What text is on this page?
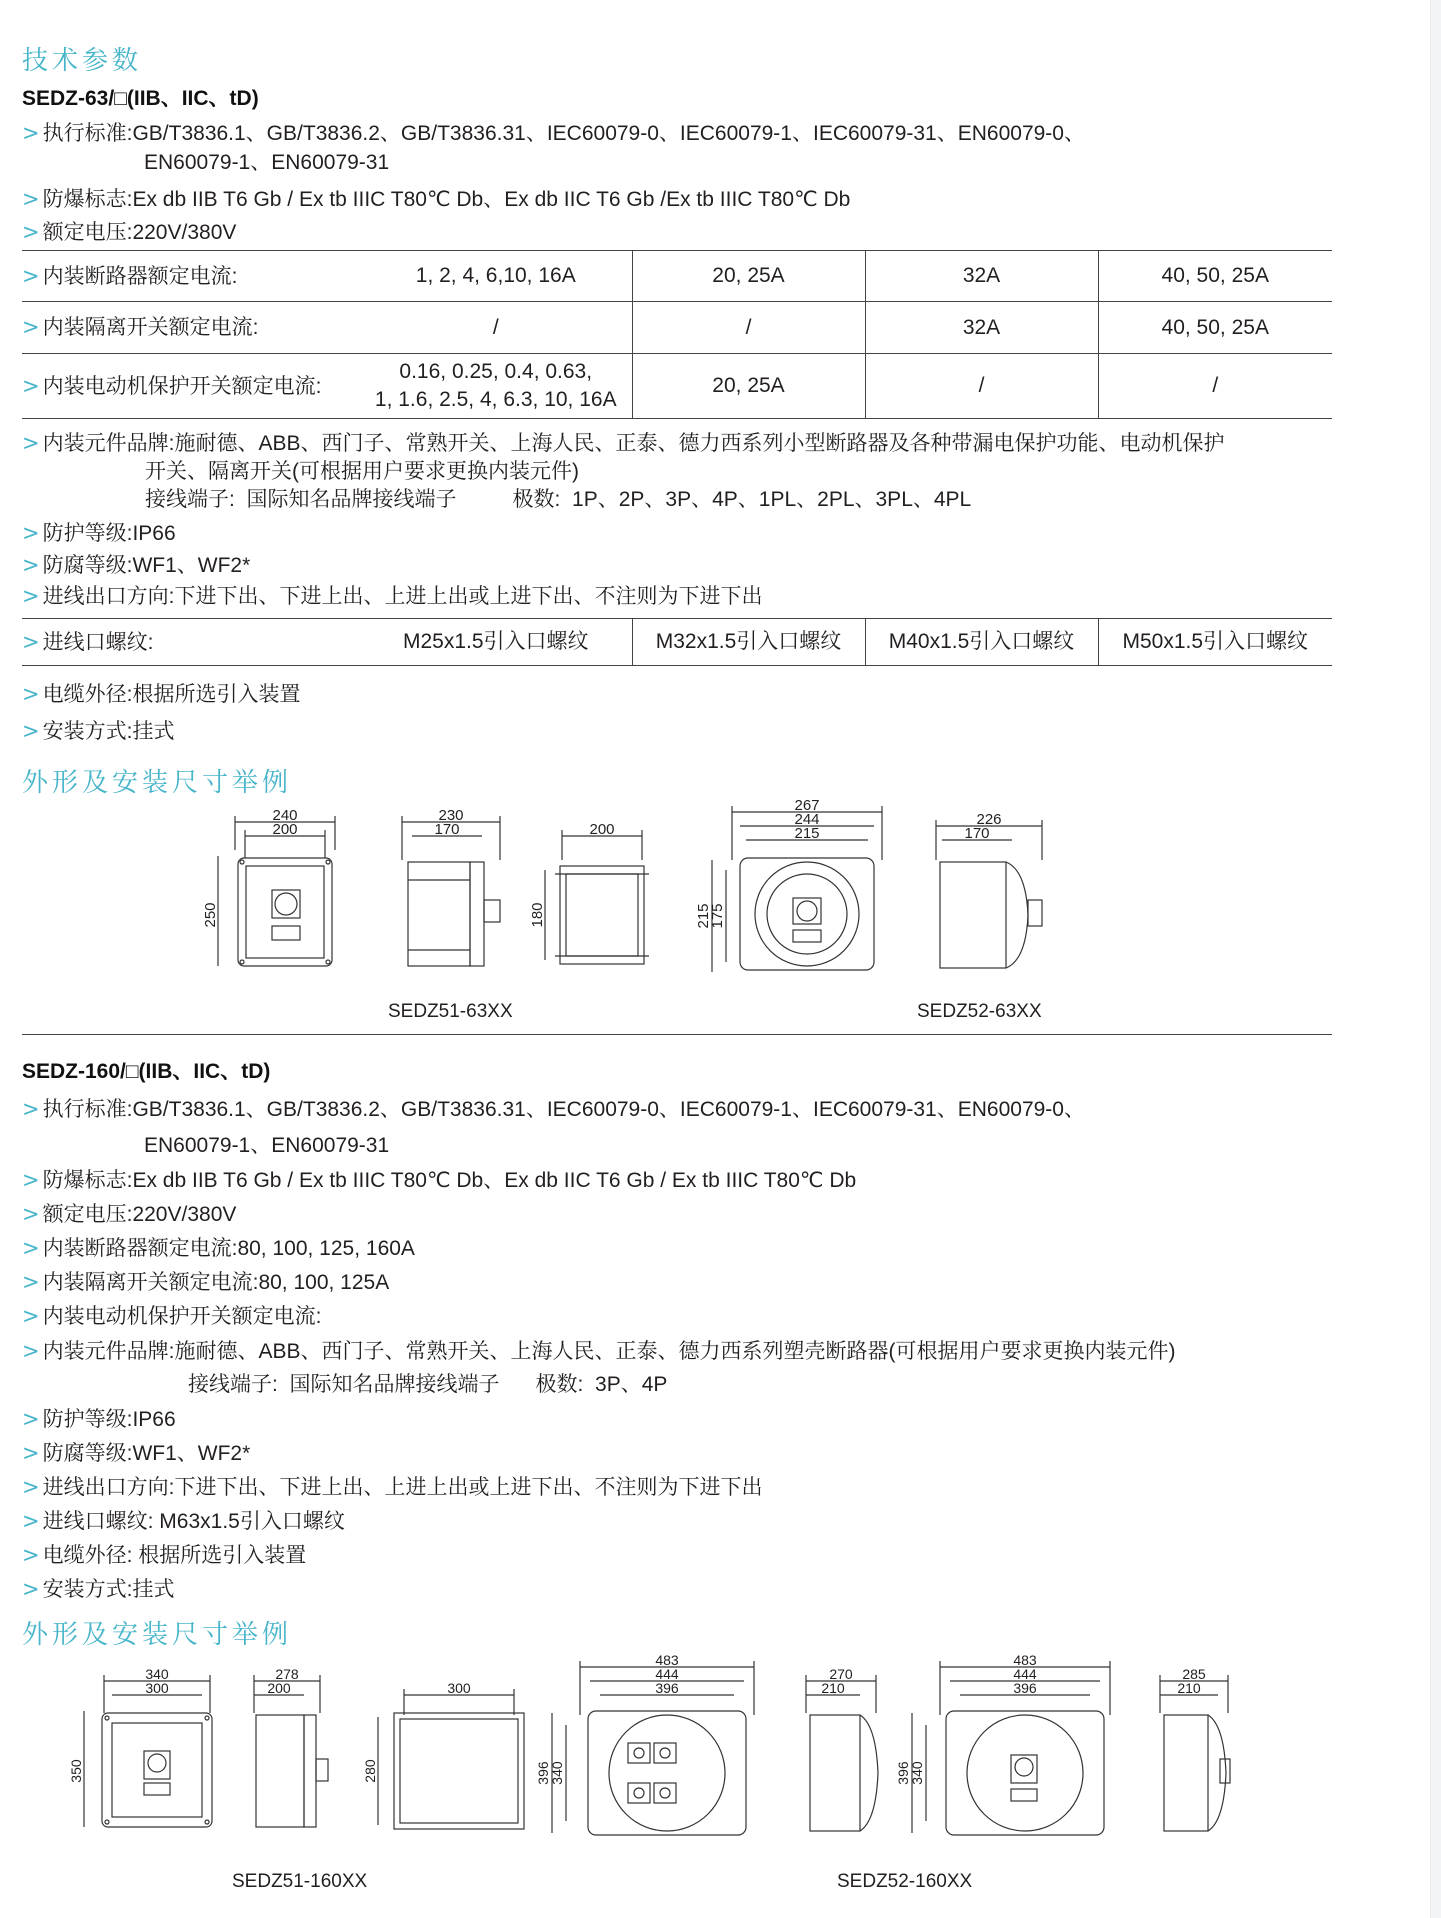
技术参数
SEDZ-63/□(IIB、IIC、tD)
> 执行标准:GB/T3836.1、GB/T3836.2、GB/T3836.31、IEC60079-0、IEC60079-1、IEC60079-31、EN60079-0、
EN60079-1、EN60079-31
> 防爆标志:Ex db IIB T6 Gb / Ex tb IIIC T80℃ Db、Ex db IIC T6 Gb /Ex tb IIIC T80℃ Db
> 额定电压:220V/380V
> 内装断路器额定电流:	1, 2, 4, 6,10, 16A	20, 25A	32A	40, 50, 25A
> 内装隔离开关额定电流:	/	/	32A	40, 50, 25A
> 内装电动机保护开关额定电流:	0.16, 0.25, 0.4, 0.63,
1, 1.6, 2.5, 4, 6.3, 10, 16A	20, 25A	/	/
> 内装元件品牌:施耐德、ABB、西门子、常熟开关、上海人民、正泰、德力西系列小型断路器及各种带漏电保护功能、电动机保护
开关、隔离开关(可根据用户要求更换内装元件)
接线端子: 国际知名品牌接线端子	极数: 1P、2P、3P、4P、1PL、2PL、3PL、4PL
> 防护等级:IP66
> 防腐等级:WF1、WF2*
> 进线出口方向:下进下出、下进上出、上进上出或上进下出、不注则为下进下出
> 进线口螺纹:	M25x1.5引入口螺纹	M32x1.5引入口螺纹	M40x1.5引入口螺纹	M50x1.5引入口螺纹
> 电缆外径:根据所选引入装置
> 安装方式:挂式
外形及安装尺寸举例
240
200
250
230
170	200
180
267
244
215
215
175
226
170
SEDZ51-63XX	SEDZ52-63XX
SEDZ-160/□(IIB、IIC、tD)
> 执行标准:GB/T3836.1、GB/T3836.2、GB/T3836.31、IEC60079-0、IEC60079-1、IEC60079-31、EN60079-0、
EN60079-1、EN60079-31
> 防爆标志:Ex db IIB T6 Gb / Ex tb IIIC T80℃ Db、Ex db IIC T6 Gb / Ex tb IIIC T80℃ Db
> 额定电压:220V/380V
> 内装断路器额定电流:80, 100, 125, 160A
> 内装隔离开关额定电流:80, 100, 125A
> 内装电动机保护开关额定电流:
> 内装元件品牌:施耐德、ABB、西门子、常熟开关、上海人民、正泰、德力西系列塑壳断路器(可根据用户要求更换内装元件)
接线端子: 国际知名品牌接线端子 极数: 3P、4P
> 防护等级:IP66
> 防腐等级:WF1、WF2*
> 进线出口方向:下进下出、下进上出、上进上出或上进下出、不注则为下进下出
> 进线口螺纹: M63x1.5引入口螺纹
> 电缆外径: 根据所选引入装置
> 安装方式:挂式
外形及安装尺寸举例
340
300
350
278
200	300
280
483
444
396
396
340
270
210
483
444
396
396
340
285
210
SEDZ51-160XX	SEDZ52-160XX
